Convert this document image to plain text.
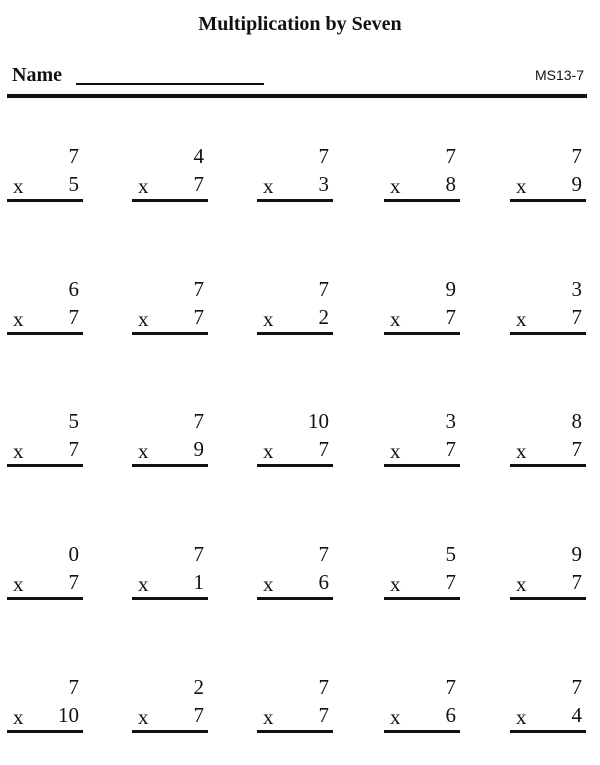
Multiplication by Seven
Name	MS13-7
7
x 5
4
x 7
7
x 3
7
x 8
7
x 9
6
x 7
7
x 7
7
x 2
9
x 7
3
x 7
5
x 7
7
x 9
10
x 7
3
x 7
8
x 7
0
x 7
7
x 1
7
x 6
5
x 7
9
x 7
7
x 10
2
x 7
7
x 7
7
x 6
7
x 4
